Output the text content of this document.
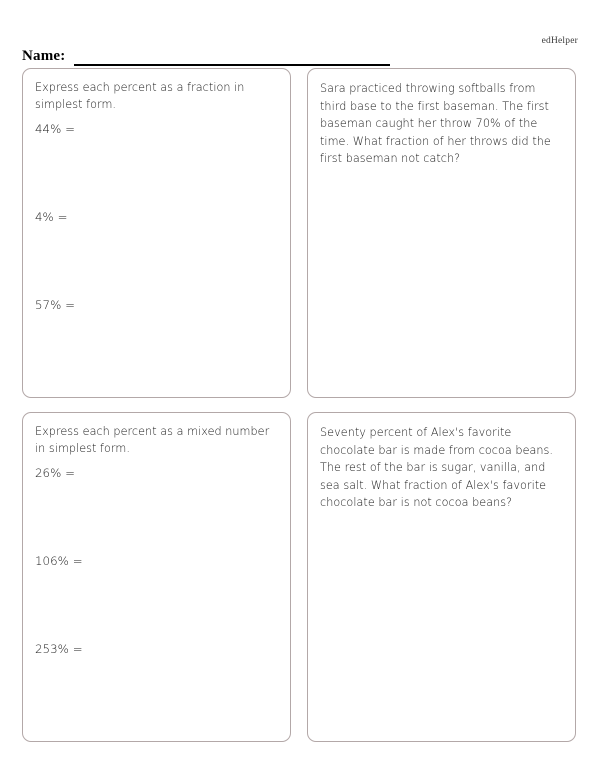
edHelper
Name:
Express each percent as a fraction in simplest form.
44% =
4% =
57% =
Sara practiced throwing softballs from third base to the first baseman. The first baseman caught her throw 70% of the time. What fraction of her throws did the first baseman not catch?
Express each percent as a mixed number in simplest form.
26% =
106% =
253% =
Seventy percent of Alex's favorite chocolate bar is made from cocoa beans. The rest of the bar is sugar, vanilla, and sea salt. What fraction of Alex's favorite chocolate bar is not cocoa beans?
